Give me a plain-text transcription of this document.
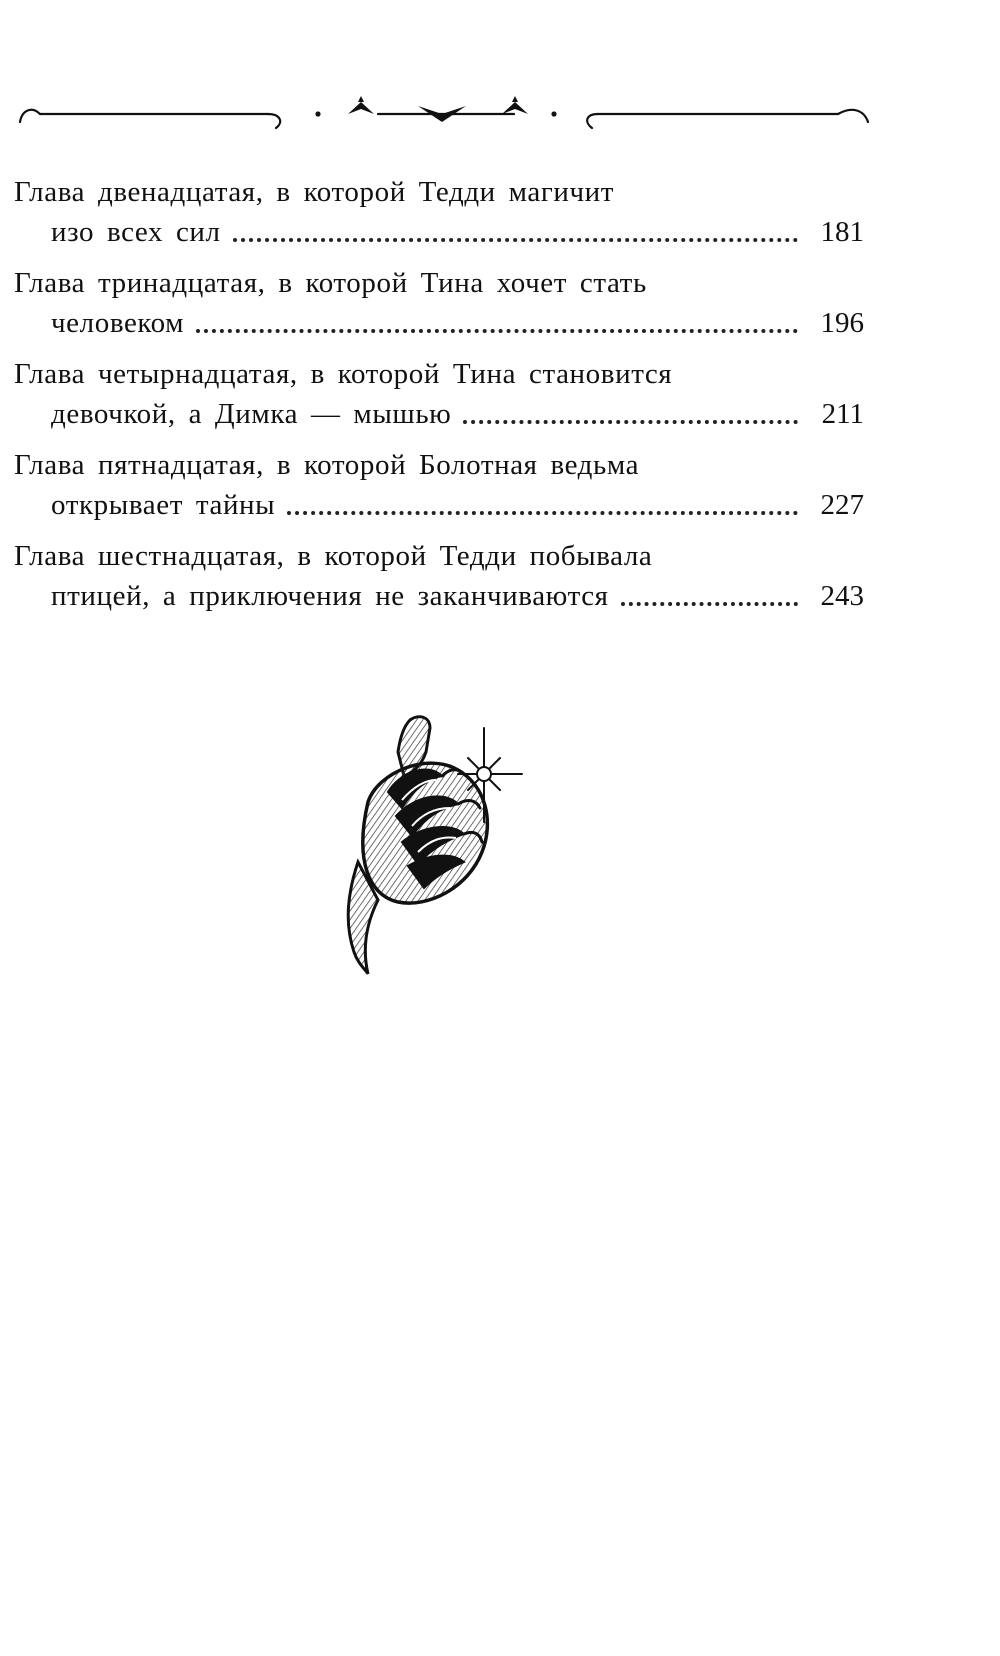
Глава двенадцатая, в которой Тедди магичит
изо всех сил	181
Глава тринадцатая, в которой Тина хочет стать
человеком	196
Глава четырнадцатая, в которой Тина становится
девочкой, а Димка — мышью	211
Глава пятнадцатая, в которой Болотная ведьма
открывает тайны	227
Глава шестнадцатая, в которой Тедди побывала
птицей, а приключения не заканчиваются	243
